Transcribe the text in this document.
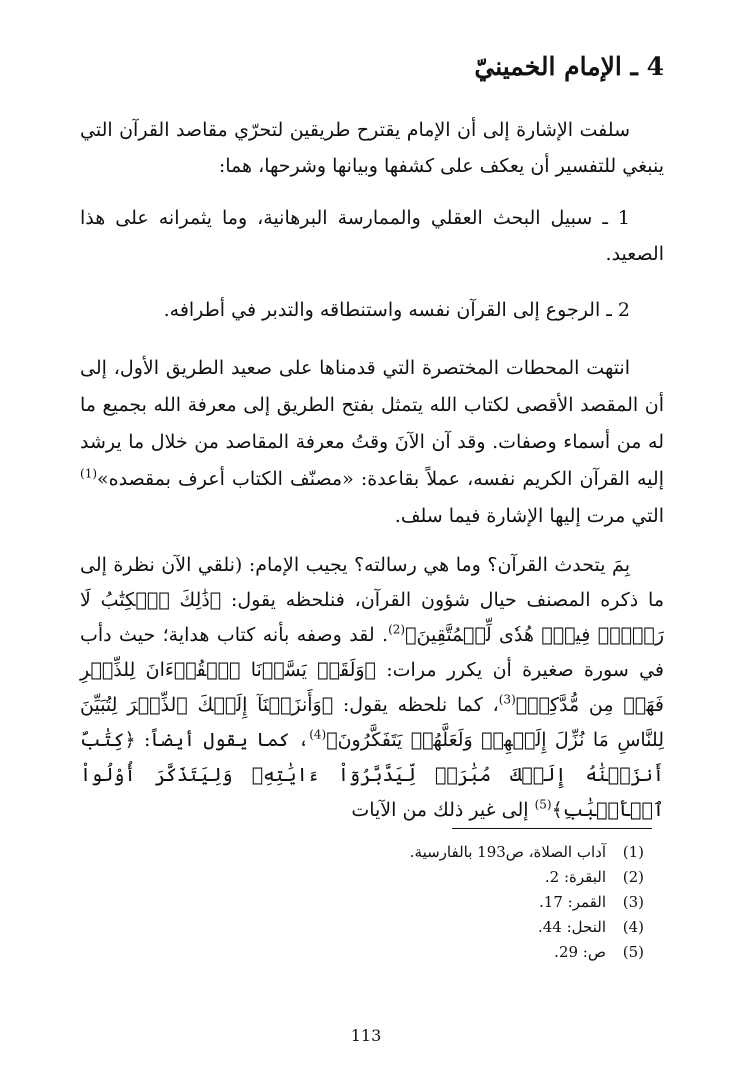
4 ـ الإمام الخمينيّ

سلفت الإشارة إلى أن الإمام يقترح طريقين لتحرّي مقاصد القرآن التي ينبغي للتفسير أن يعكف على كشفها وبيانها وشرحها، هما:

1 ـ سبيل البحث العقلي والممارسة البرهانية، وما يثمرانه على هذا الصعيد.

2 ـ الرجوع إلى القرآن نفسه واستنطاقه والتدبر في أطرافه.

انتهت المحطات المختصرة التي قدمناها على صعيد الطريق الأول، إلى أن المقصد الأقصى لكتاب الله يتمثل بفتح الطريق إلى معرفة الله بجميع ما له من أسماء وصفات. وقد آن الآنَ وقتُ معرفة المقاصد من خلال ما يرشد إليه القرآن الكريم نفسه، عملاً بقاعدة: «مصنّف الكتاب أعرف بمقصده»$^{(1)}$ التي مرت إليها الإشارة فيما سلف.

بِمَ يتحدث القرآن؟ وما هي رسالته؟ يجيب الإمام: (نلقي الآن نظرة إلى ما ذكره المصنف حيال شؤون القرآن، فنلحظه يقول: ﴿ذَٰلِكَ ٱلۡكِتَٰبُ لَا رَيۡبَۛ فِيهِۛ هُدٗى لِّلۡمُتَّقِينَ﴾$^{(2)}$. لقد وصفه بأنه كتاب هداية؛ حيث دأب في سورة صغيرة أن يكرر مرات: ﴿وَلَقَدۡ يَسَّرۡنَا ٱلۡقُرۡءَانَ لِلذِّكۡرِ فَهَلۡ مِن مُّدَّكِرٖ﴾$^{(3)}$، كما نلحظه يقول: ﴿وَأَنزَلۡنَآ إِلَيۡكَ ٱلذِّكۡرَ لِتُبَيِّنَ لِلنَّاسِ مَا نُزِّلَ إِلَيۡهِمۡ وَلَعَلَّهُمۡ يَتَفَكَّرُونَ﴾$^{(4)}$، كما يقول أيضاً: ﴿كِتَٰبٌ أَنزَلۡنَٰهُ إِلَيۡكَ مُبَٰرَكٞ لِّيَدَّبَّرُوٓاْ ءَايَٰتِهِۦ وَلِيَتَذَكَّرَ أُوْلُواْ ٱلۡأَلۡبَٰبِ﴾$^{(5)}$ إلى غير ذلك من الآيات

(1)
آداب الصلاة، ص193 بالفارسية.
(2)
البقرة: 2.
(3)
القمر: 17.
(4)
النحل: 44.
(5)
ص: 29.
113
